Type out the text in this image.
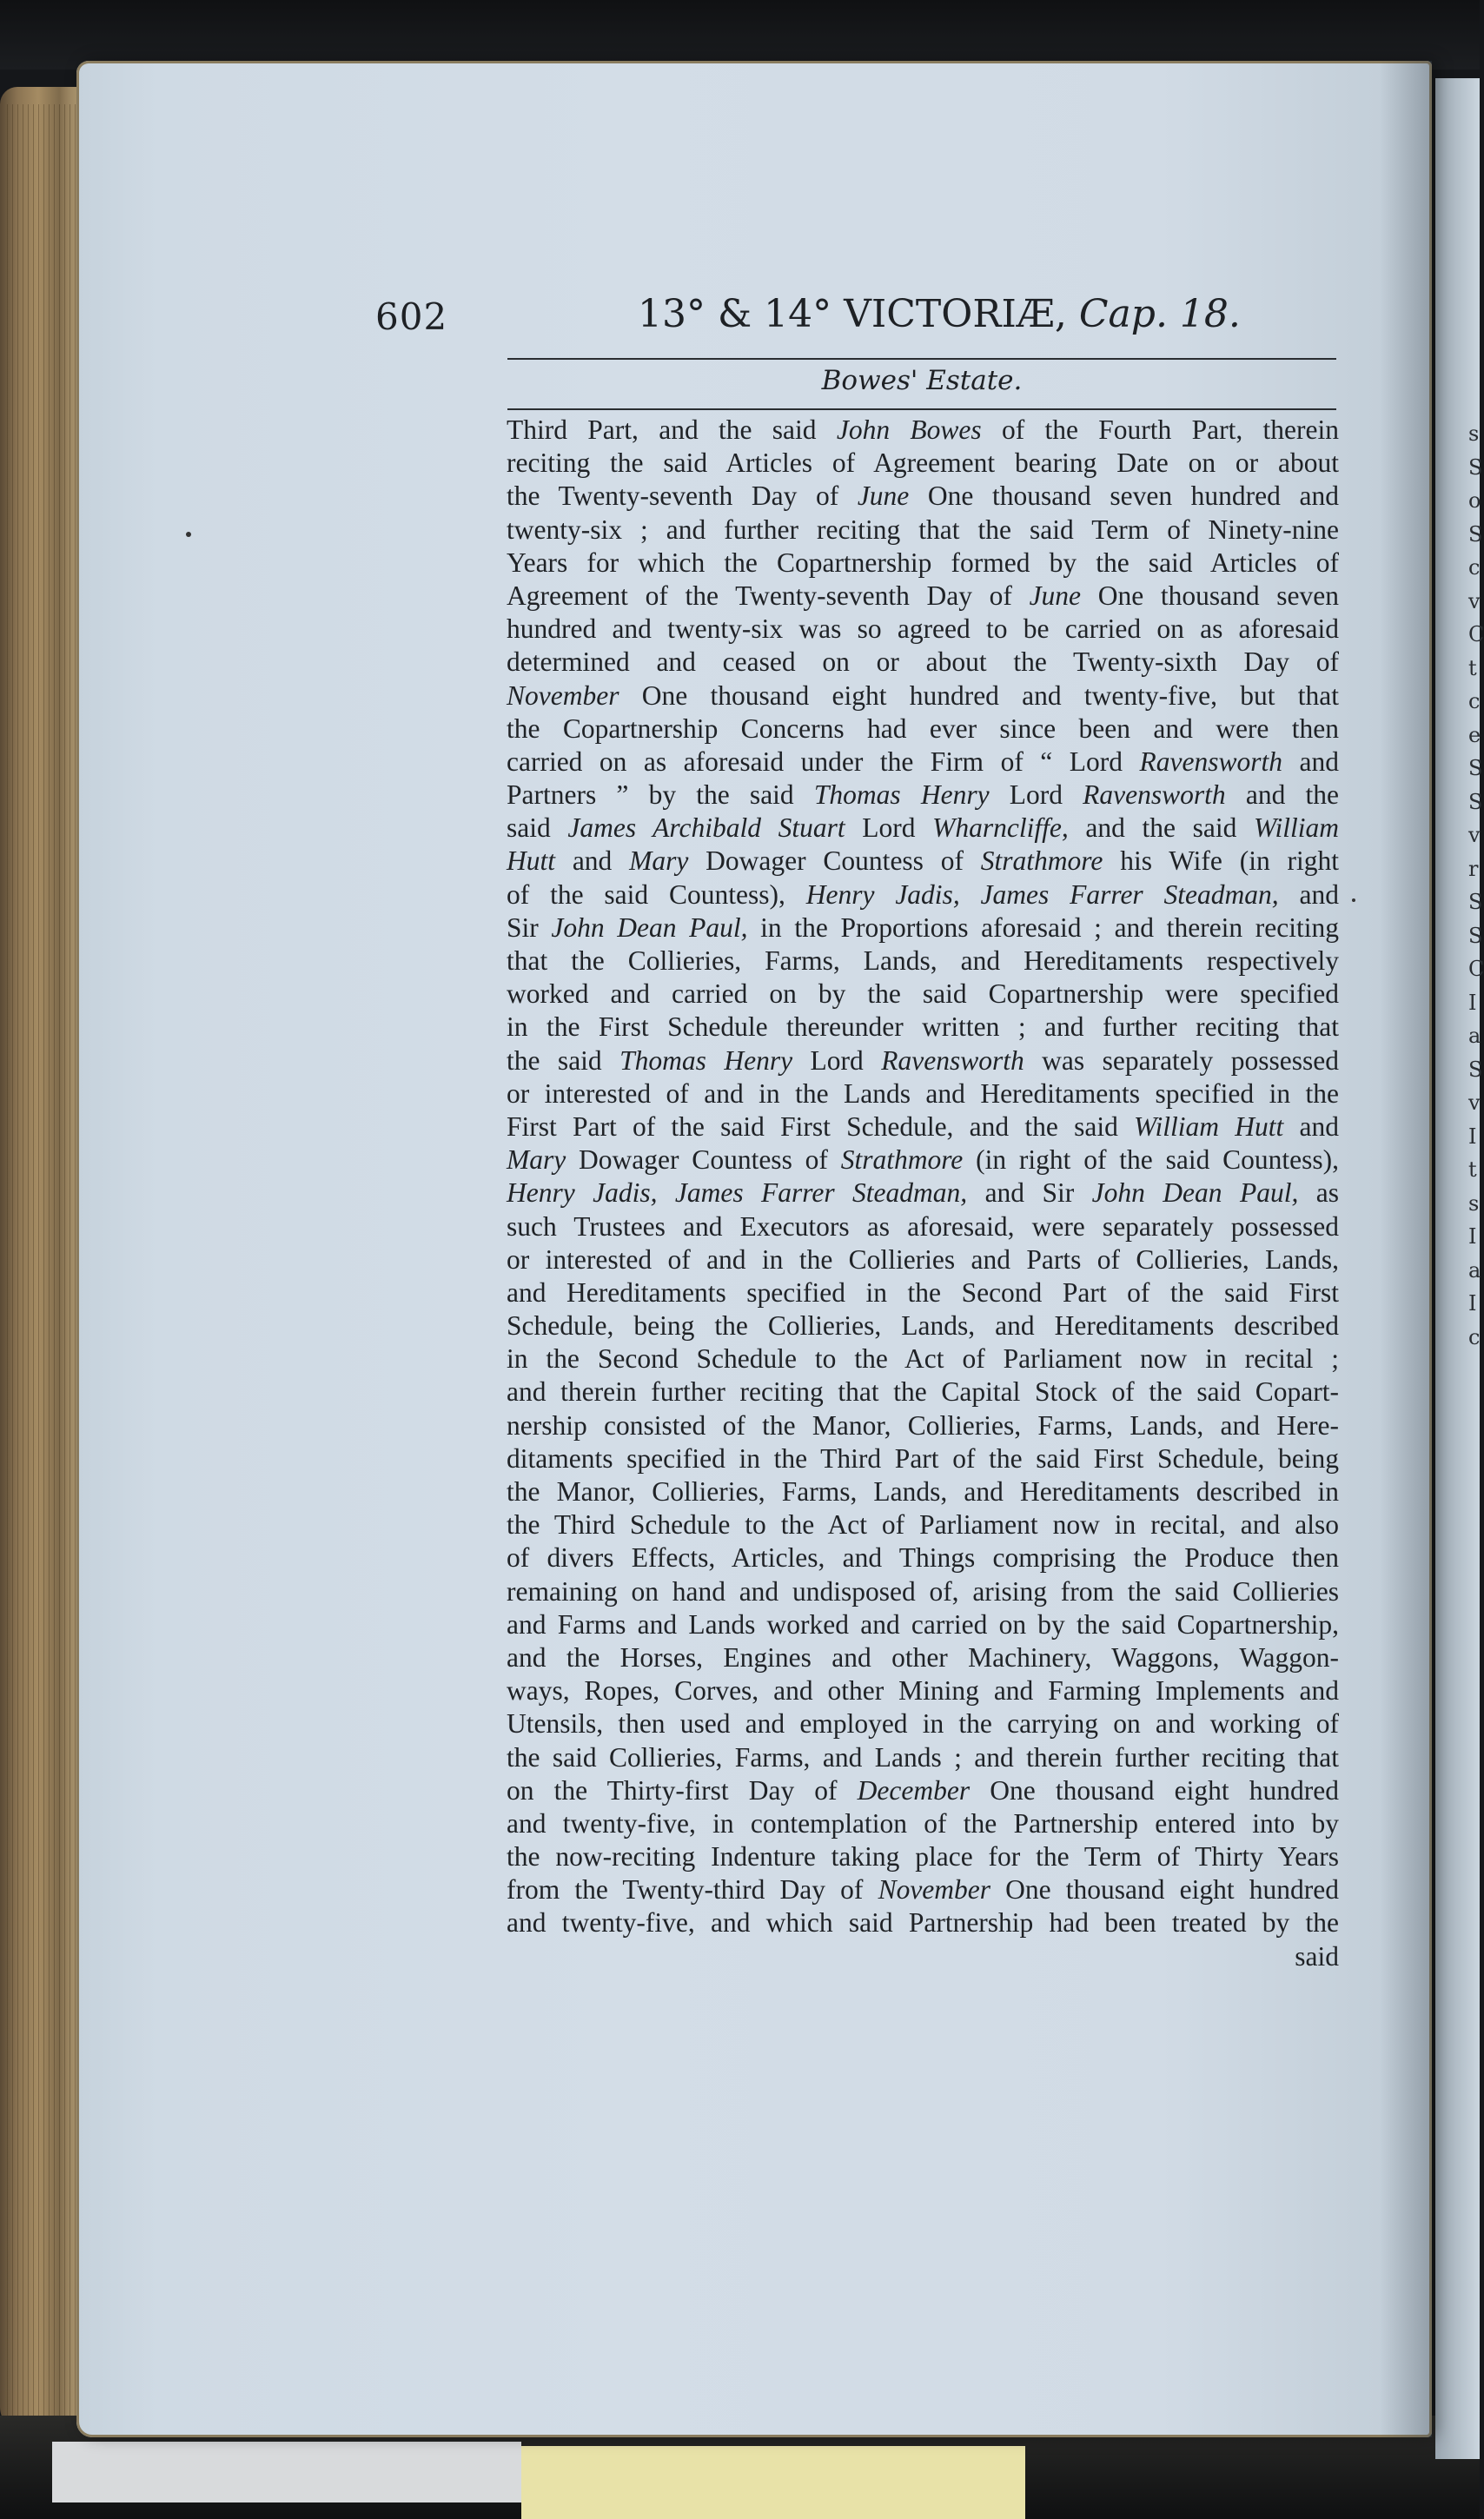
s S o S c v C t c e S S v r S S C I a S v I t s I a I c
602	13° & 14° VICTORIÆ, Cap. 18.
Bowes' Estate.
Third Part, and the said John Bowes of the Fourth Part, therein
reciting the said Articles of Agreement bearing Date on or about
the Twenty-seventh Day of June One thousand seven hundred and
twenty-six ; and further reciting that the said Term of Ninety-nine
Years for which the Copartnership formed by the said Articles of
Agreement of the Twenty-seventh Day of June One thousand seven
hundred and twenty-six was so agreed to be carried on as aforesaid
determined and ceased on or about the Twenty-sixth Day of
November One thousand eight hundred and twenty-five, but that
the Copartnership Concerns had ever since been and were then
carried on as aforesaid under the Firm of “ Lord Ravensworth and
Partners ” by the said Thomas Henry Lord Ravensworth and the
said James Archibald Stuart Lord Wharncliffe, and the said William
Hutt and Mary Dowager Countess of Strathmore his Wife (in right
of the said Countess), Henry Jadis, James Farrer Steadman, and
Sir John Dean Paul, in the Proportions aforesaid ; and therein reciting
that the Collieries, Farms, Lands, and Hereditaments respectively
worked and carried on by the said Copartnership were specified
in the First Schedule thereunder written ; and further reciting that
the said Thomas Henry Lord Ravensworth was separately possessed
or interested of and in the Lands and Hereditaments specified in the
First Part of the said First Schedule, and the said William Hutt and
Mary Dowager Countess of Strathmore (in right of the said Countess),
Henry Jadis, James Farrer Steadman, and Sir John Dean Paul, as
such Trustees and Executors as aforesaid, were separately possessed
or interested of and in the Collieries and Parts of Collieries, Lands,
and Hereditaments specified in the Second Part of the said First
Schedule, being the Collieries, Lands, and Hereditaments described
in the Second Schedule to the Act of Parliament now in recital ;
and therein further reciting that the Capital Stock of the said Copart-
nership consisted of the Manor, Collieries, Farms, Lands, and Here-
ditaments specified in the Third Part of the said First Schedule, being
the Manor, Collieries, Farms, Lands, and Hereditaments described in
the Third Schedule to the Act of Parliament now in recital, and also
of divers Effects, Articles, and Things comprising the Produce then
remaining on hand and undisposed of, arising from the said Collieries
and Farms and Lands worked and carried on by the said Copartnership,
and the Horses, Engines and other Machinery, Waggons, Waggon-
ways, Ropes, Corves, and other Mining and Farming Implements and
Utensils, then used and employed in the carrying on and working of
the said Collieries, Farms, and Lands ; and therein further reciting that
on the Thirty-first Day of December One thousand eight hundred
and twenty-five, in contemplation of the Partnership entered into by
the now-reciting Indenture taking place for the Term of Thirty Years
from the Twenty-third Day of November One thousand eight hundred
and twenty-five, and which said Partnership had been treated by the
said
